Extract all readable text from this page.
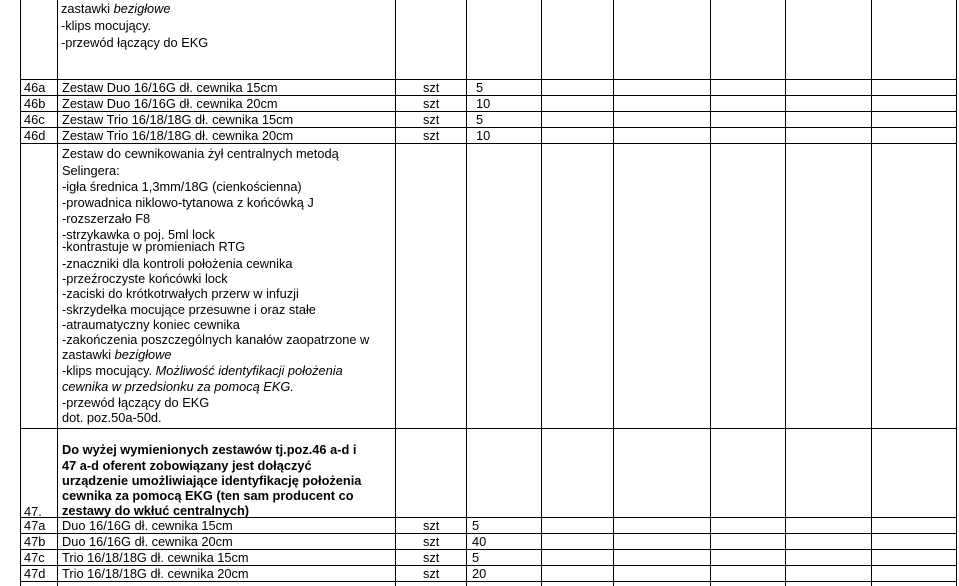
zastawki bezigłowe
-klips mocujący.
-przewód łączący do EKG
46a Zestaw Duo 16/16G dł. cewnika 15cm	szt	5
46b Zestaw Duo 16/16G dł. cewnika 20cm	szt	10
46c Zestaw Trio 16/18/18G dł. cewnika 15cm	szt	5
46d Zestaw Trio 16/18/18G dł. cewnika 20cm	szt	10
Zestaw do cewnikowania żył centralnych metodą
Selingera:
-igła średnica 1,3mm/18G (cienkościenna)
-prowadnica niklowo-tytanowa z końcówką J
-rozszerzało F8
-strzykawka o poj. 5ml lock
-kontrastuje w promieniach RTG
-znaczniki dla kontroli położenia cewnika
-przeźroczyste końcówki lock
-zaciski do krótkotrwałych przerw w infuzji
-skrzydełka mocujące przesuwne i oraz stałe
-atraumatyczny koniec cewnika
-zakończenia poszczególnych kanałów zaopatrzone w
zastawki bezigłowe
-klips mocujący. Możliwość identyfikacji położenia
cewnika w przedsionku za pomocą EKG.
-przewód łączący do EKG
dot. poz.50a-50d.
47.
Do wyżej wymienionych zestawów tj.poz.46 a-d i
47 a-d oferent zobowiązany jest dołączyć
urządzenie umożliwiające identyfikację położenia
cewnika za pomocą EKG (ten sam producent co
zestawy do wkłuć centralnych)
47a Duo 16/16G dł. cewnika 15cm	szt	5
47b Duo 16/16G dł. cewnika 20cm	szt	40
47c Trio 16/18/18G dł. cewnika 15cm	szt	5
47d Trio 16/18/18G dł. cewnika 20cm	szt	20
